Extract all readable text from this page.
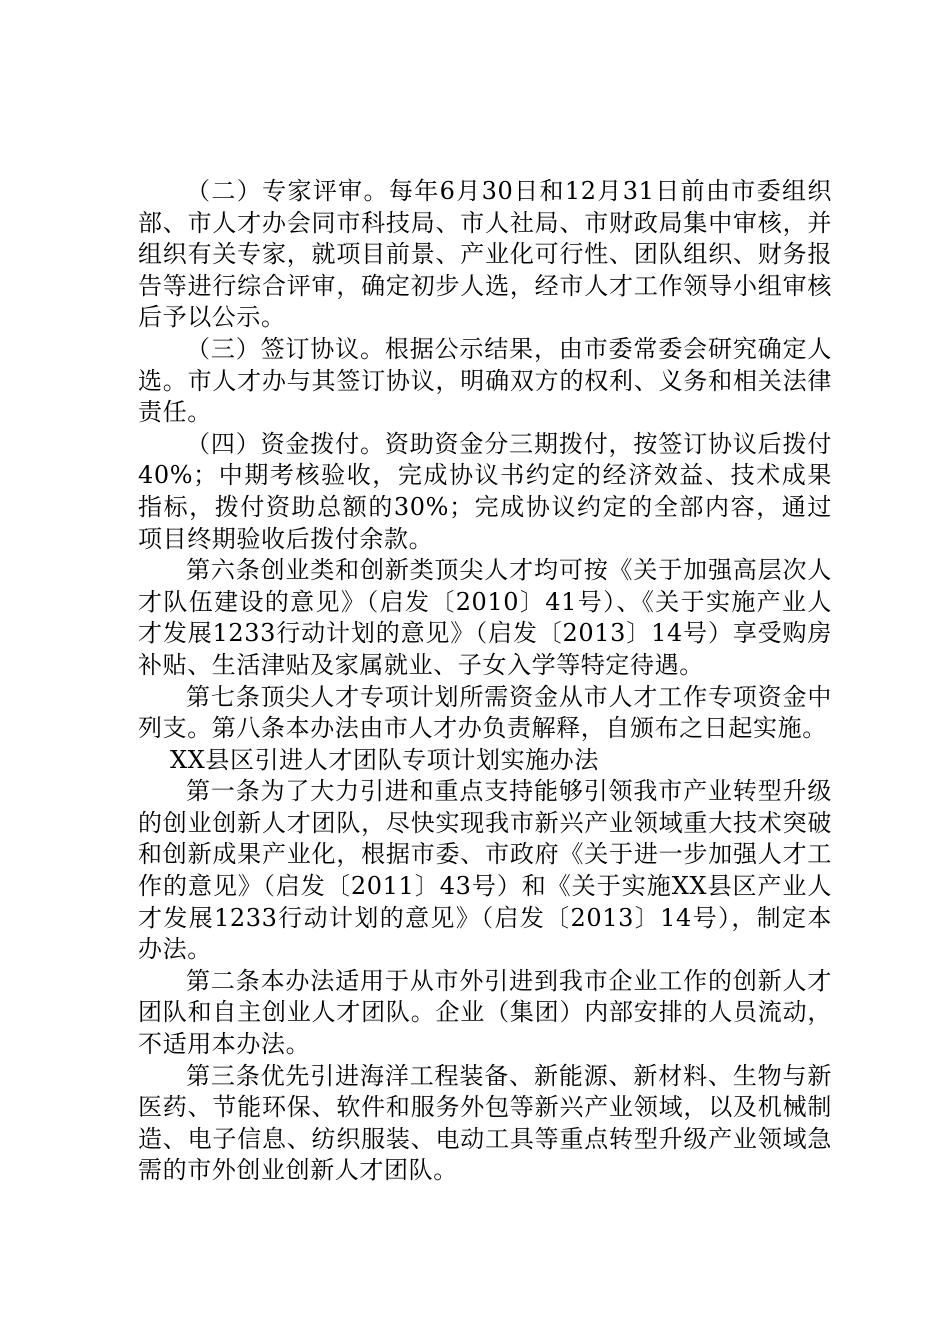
（二）专家评审。每年6月30日和12月31日前由市委组织部、市人才办会同市科技局、市人社局、市财政局集中审核，并组织有关专家，就项目前景、产业化可行性、团队组织、财务报告等进行综合评审，确定初步人选，经市人才工作领导小组审核后予以公示。

（三）签订协议。根据公示结果，由市委常委会研究确定人选。市人才办与其签订协议，明确双方的权利、义务和相关法律责任。

（四）资金拨付。资助资金分三期拨付，按签订协议后拨付40%；中期考核验收，完成协议书约定的经济效益、技术成果指标，拨付资助总额的30%；完成协议约定的全部内容，通过项目终期验收后拨付余款。

第六条创业类和创新类顶尖人才均可按《关于加强高层次人才队伍建设的意见》（启发〔2010〕41号）、《关于实施产业人才发展1233行动计划的意见》（启发〔2013〕14号）享受购房补贴、生活津贴及家属就业、子女入学等特定待遇。

第七条顶尖人才专项计划所需资金从市人才工作专项资金中列支。第八条本办法由市人才办负责解释，自颁布之日起实施。

XX县区引进人才团队专项计划实施办法

第一条为了大力引进和重点支持能够引领我市产业转型升级的创业创新人才团队，尽快实现我市新兴产业领域重大技术突破和创新成果产业化，根据市委、市政府《关于进一步加强人才工作的意见》（启发〔2011〕43号）和《关于实施XX县区产业人才发展1233行动计划的意见》（启发〔2013〕14号），制定本办法。

第二条本办法适用于从市外引进到我市企业工作的创新人才团队和自主创业人才团队。企业（集团）内部安排的人员流动，不适用本办法。

第三条优先引进海洋工程装备、新能源、新材料、生物与新医药、节能环保、软件和服务外包等新兴产业领域，以及机械制造、电子信息、纺织服装、电动工具等重点转型升级产业领域急需的市外创业创新人才团队。
